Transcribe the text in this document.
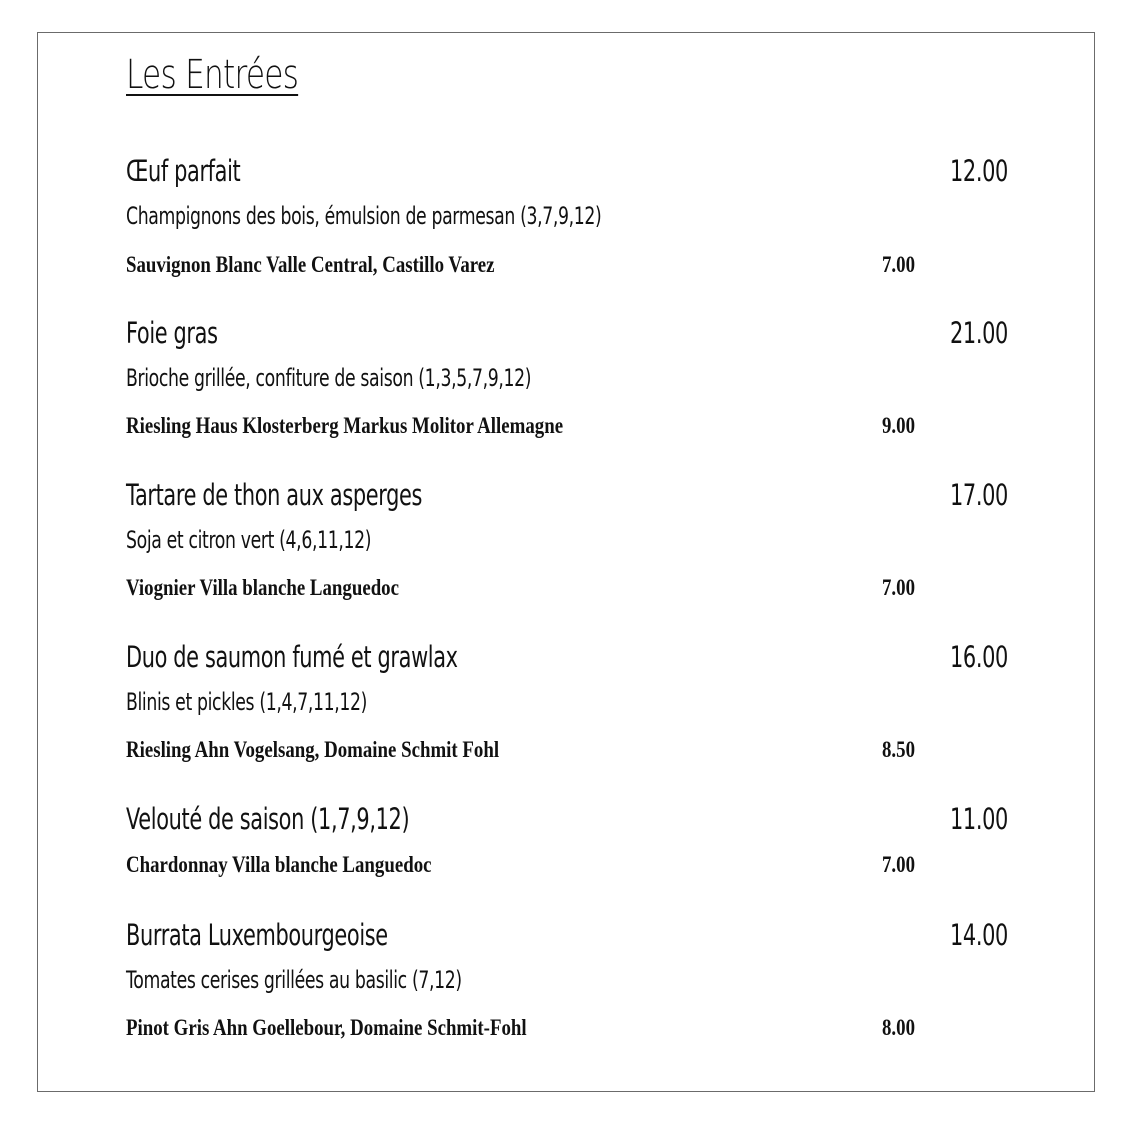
Les Entrées
Œuf parfait	12.00
Champignons des bois, émulsion de parmesan (3,7,9,12)
Sauvignon Blanc Valle Central, Castillo Varez	7.00
Foie gras	21.00
Brioche grillée, confiture de saison (1,3,5,7,9,12)
Riesling Haus Klosterberg Markus Molitor Allemagne	9.00
Tartare de thon aux asperges	17.00
Soja et citron vert (4,6,11,12)
Viognier Villa blanche Languedoc	7.00
Duo de saumon fumé et grawlax	16.00
Blinis et pickles (1,4,7,11,12)
Riesling Ahn Vogelsang, Domaine Schmit Fohl	8.50
Velouté de saison (1,7,9,12)	11.00
Chardonnay Villa blanche Languedoc	7.00
Burrata Luxembourgeoise	14.00
Tomates cerises grillées au basilic (7,12)
Pinot Gris Ahn Goellebour, Domaine Schmit-Fohl	8.00
